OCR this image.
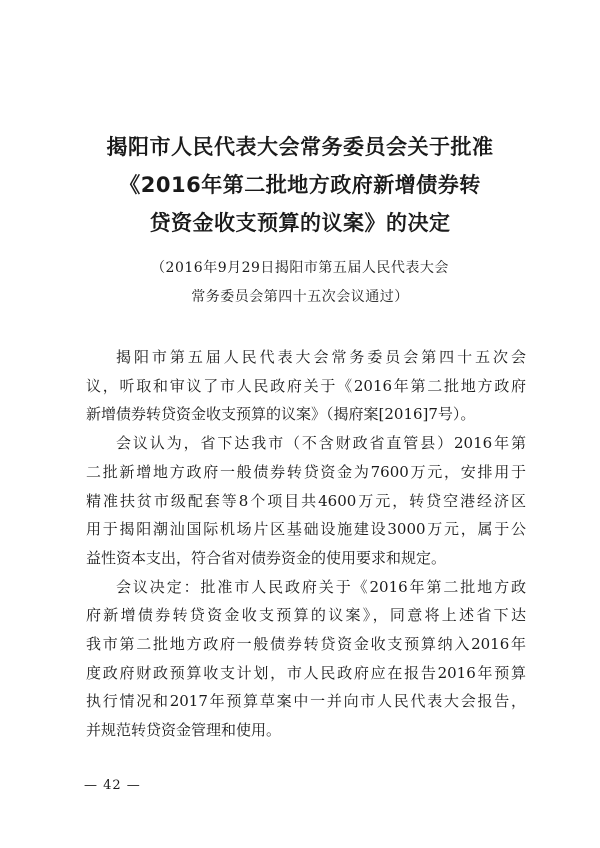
揭阳市人民代表大会常务委员会关于批准
《2016年第二批地方政府新增债券转
贷资金收支预算的议案》的决定
（2016年9月29日揭阳市第五届人民代表大会
常务委员会第四十五次会议通过）

揭阳市第五届人民代表大会常务委员会第四十五次会
议，听取和审议了市人民政府关于《2016年第二批地方政府
新增债券转贷资金收支预算的议案》（揭府案[2016]7号）。

会议认为，省下达我市（不含财政省直管县）2016年第
二批新增地方政府一般债券转贷资金为7600万元，安排用于
精准扶贫市级配套等8个项目共4600万元，转贷空港经济区
用于揭阳潮汕国际机场片区基础设施建设3000万元，属于公
益性资本支出，符合省对债券资金的使用要求和规定。

会议决定：批准市人民政府关于《2016年第二批地方政
府新增债券转贷资金收支预算的议案》，同意将上述省下达
我市第二批地方政府一般债券转贷资金收支预算纳入2016年
度政府财政预算收支计划，市人民政府应在报告2016年预算
执行情况和2017年预算草案中一并向市人民代表大会报告，
并规范转贷资金管理和使用。

— 42 —
